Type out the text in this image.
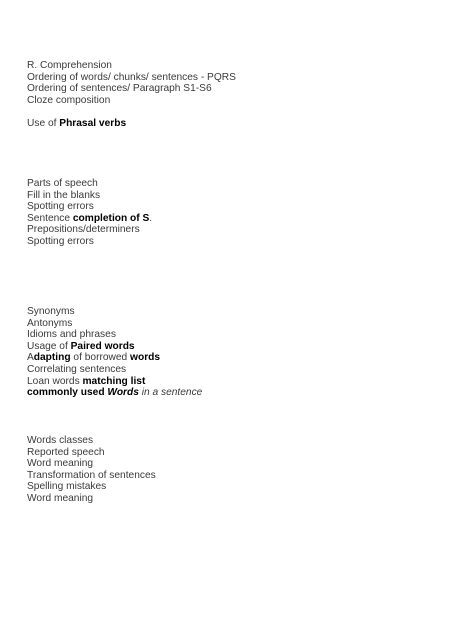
R. Comprehension
Ordering of words/ chunks/ sentences - PQRS
Ordering of sentences/ Paragraph S1-S6
Cloze composition
Use of Phrasal verbs
Parts of speech
Fill in the blanks
Spotting errors
Sentence completion of S.
Prepositions/determiners
Spotting errors
Synonyms
Antonyms
Idioms and phrases
Usage of Paired words
Adapting of borrowed words
Correlating sentences
Loan words matching list
commonly used Words in a sentence
Words classes
Reported speech
Word meaning
Transformation of sentences
Spelling mistakes
Word meaning
